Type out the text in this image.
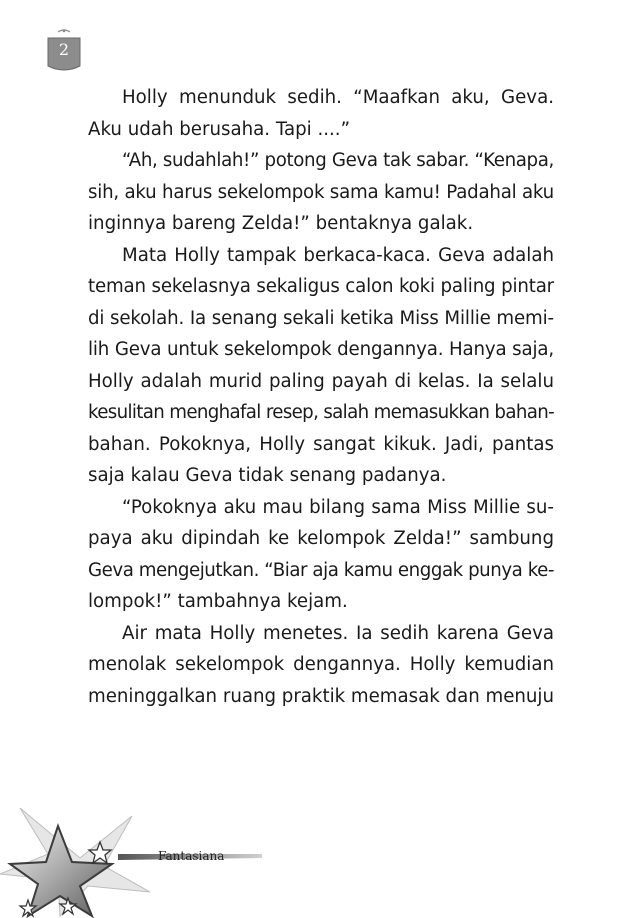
2

Holly menunduk sedih. “Maafkan aku, Geva.
Aku udah berusaha. Tapi ....”

“Ah, sudahlah!” potong Geva tak sabar. “Kenapa,
sih, aku harus sekelompok sama kamu! Padahal aku
inginnya bareng Zelda!” bentaknya galak.

Mata Holly tampak berkaca-kaca. Geva adalah
teman sekelasnya sekaligus calon koki paling pintar
di sekolah. Ia senang sekali ketika Miss Millie memi-
lih Geva untuk sekelompok dengannya. Hanya saja,
Holly adalah murid paling payah di kelas. Ia selalu
kesulitan menghafal resep, salah memasukkan bahan-
bahan. Pokoknya, Holly sangat kikuk. Jadi, pantas
saja kalau Geva tidak senang padanya.

“Pokoknya aku mau bilang sama Miss Millie su-
paya aku dipindah ke kelompok Zelda!” sambung
Geva mengejutkan. “Biar aja kamu enggak punya ke-
lompok!” tambahnya kejam.

Air mata Holly menetes. Ia sedih karena Geva
menolak sekelompok dengannya. Holly kemudian
meninggalkan ruang praktik memasak dan menuju

Fantasiana
